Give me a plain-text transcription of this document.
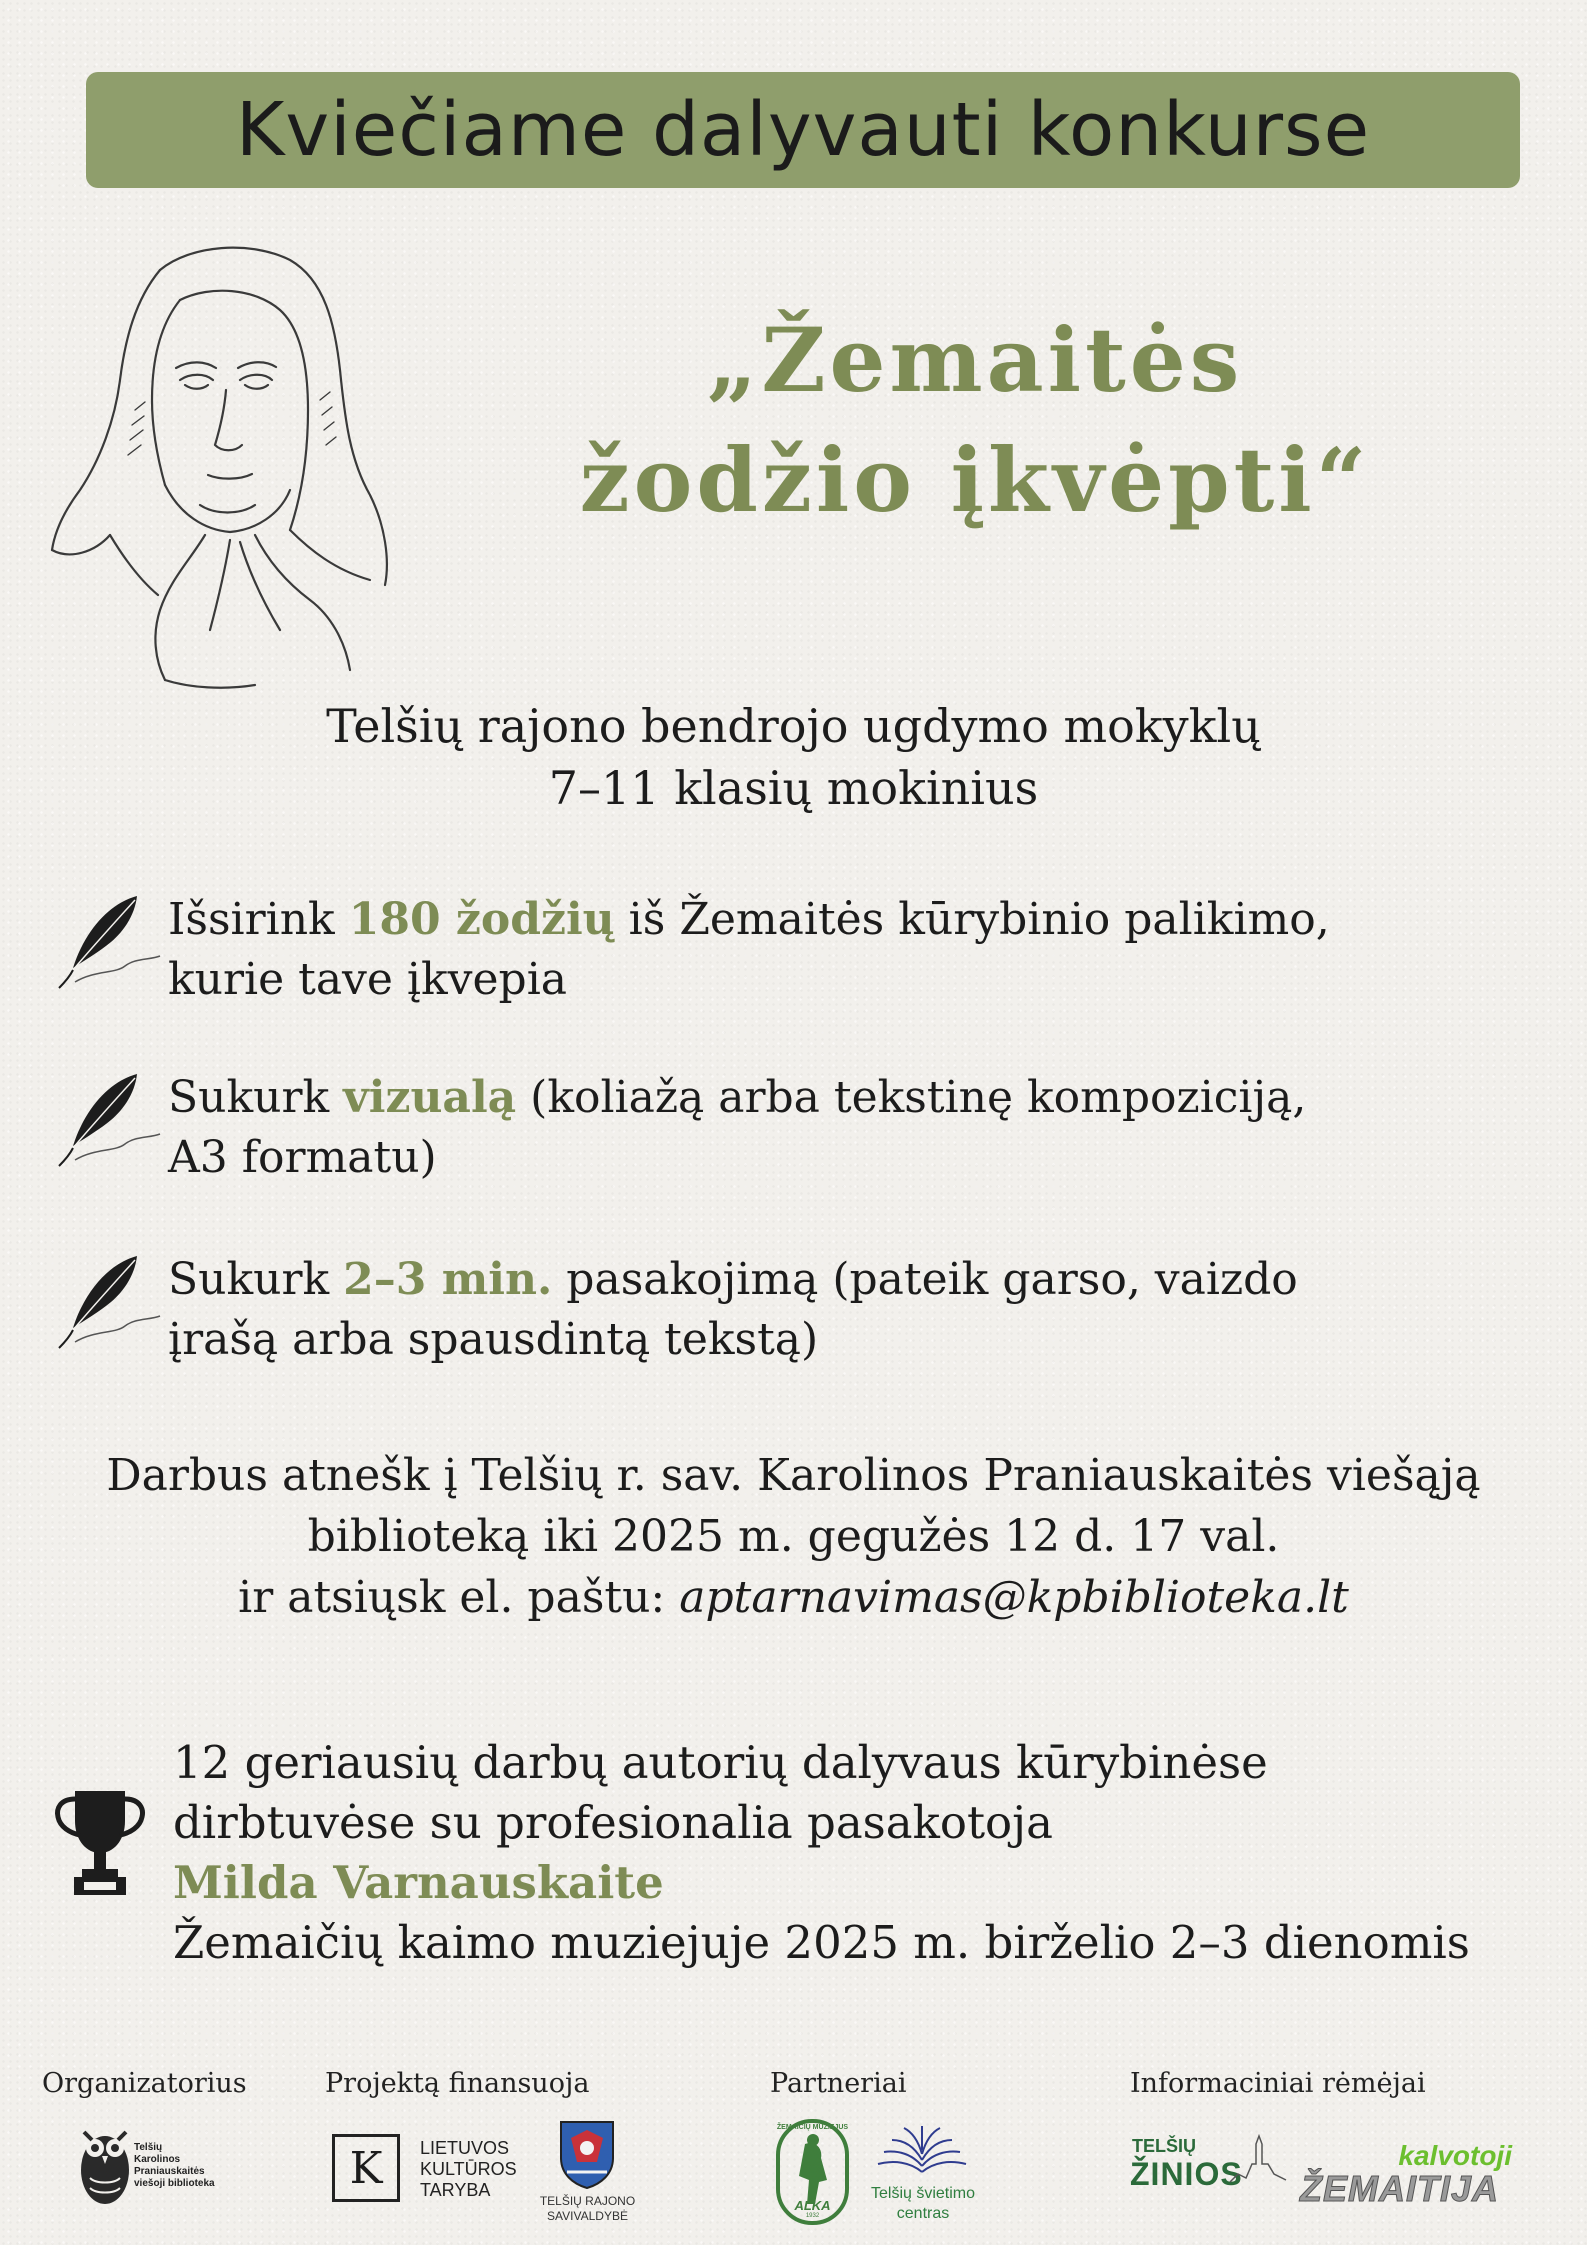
Kviečiame dalyvauti konkurse
„Žemaitės
žodžio įkvėpti“
Telšių rajono bendrojo ugdymo mokyklų
7–11 klasių mokinius
Išsirink 180 žodžių iš Žemaitės kūrybinio palikimo,
kurie tave įkvepia
Sukurk vizualą (koliažą arba tekstinę kompoziciją,
A3 formatu)
Sukurk 2–3 min. pasakojimą (pateik garso, vaizdo
įrašą arba spausdintą tekstą)
Darbus atnešk į Telšių r. sav. Karolinos Praniauskaitės viešąją
biblioteką iki 2025 m. gegužės 12 d. 17 val.
ir atsiųsk el. paštu: aptarnavimas@kpbiblioteka.lt
12 geriausių darbų autorių dalyvaus kūrybinėse
dirbtuvėse su profesionalia pasakotoja
Milda Varnauskaite
Žemaičių kaimo muziejuje 2025 m. birželio 2–3 dienomis
Organizatorius	Projektą finansuoja	Partneriai	Informaciniai rėmėjai
Telšių
Karolinos
Praniauskaitės
viešoji biblioteka	K	LIETUVOS
KULTŪROS
TARYBA
TELŠIŲ RAJONO
SAVIVALDYBĖ
ŽEMAIČIŲ MUZIEJUS
ALKA
1932
Telšių švietimo
centras
TELŠIŲ
ŽINIOS
kalvotoji
ŽEMAITIJA
